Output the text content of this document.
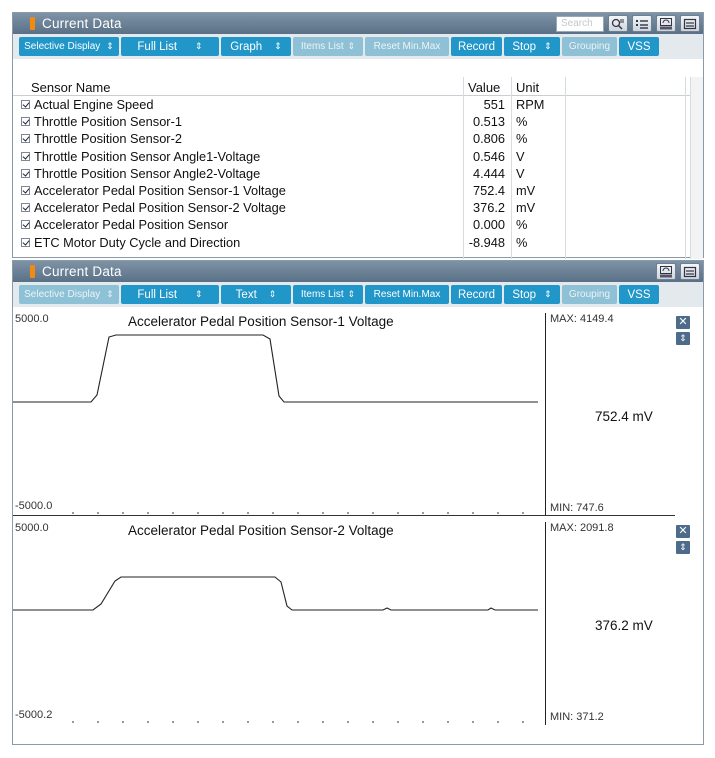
Current Data	Search
Selective Display ⇕ Full List ⇕ Graph ⇕ Items List ⇕	Reset Min.Max	Record	Stop ⇕	Grouping	VSS
Sensor Name	Value Unit
Actual Engine Speed	551 RPM
Throttle Position Sensor-1	0.513 %
Throttle Position Sensor-2	0.806 %
Throttle Position Sensor Angle1-Voltage	0.546 V
Throttle Position Sensor Angle2-Voltage	4.444 V
Accelerator Pedal Position Sensor-1 Voltage	752.4 mV
Accelerator Pedal Position Sensor-2 Voltage	376.2 mV
Accelerator Pedal Position Sensor	0.000 %
ETC Motor Duty Cycle and Direction	-8.948 %
Current Data
Selective Display ⇕ Full List ⇕	Text ⇕ Items List ⇕	Reset Min.Max	Record	Stop ⇕	Grouping	VSS
5000.0
-5000.0
Accelerator Pedal Position Sensor-1 Voltage	MAX: 4149.4
MIN: 747.6
752.4 mV
✕
⇕
5000.0
-5000.2
Accelerator Pedal Position Sensor-2 Voltage	MAX: 2091.8
MIN: 371.2
376.2 mV
✕
⇕
